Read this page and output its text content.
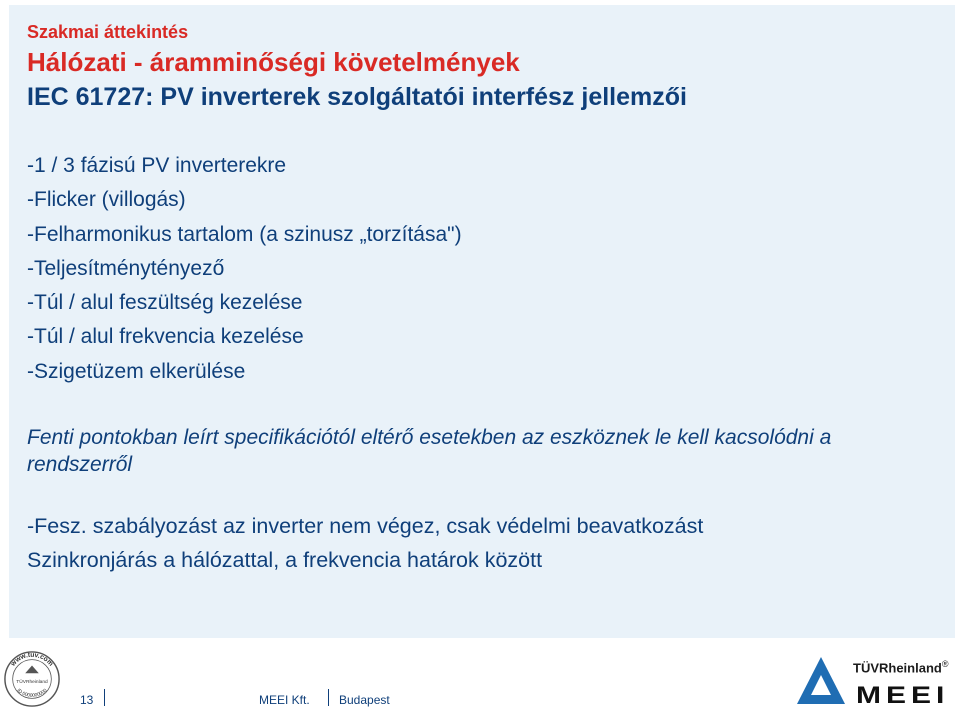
Szakmai áttekintés
Hálózati - áramminőségi követelmények
IEC 61727: PV inverterek szolgáltatói interfész jellemzői
-1 / 3 fázisú PV inverterekre
-Flicker (villogás)
-Felharmonikus tartalom (a szinusz „torzítása")
-Teljesítménytényező
-Túl / alul feszültség kezelése
-Túl / alul frekvencia kezelése
-Szigetüzem elkerülése

Fenti pontokban leírt specifikációtól eltérő esetekben az eszköznek le kell kacsolódni a rendszerről

-Fesz. szabályozást az inverter nem végez, csak védelmi beavatkozást

Szinkronjárás a hálózattal, a frekvencia határok között

www.tuv.com
ID 0000000000
TÜVRheinland
13	MEEI Kft. Budapest
TÜVRheinland®
MEEI
